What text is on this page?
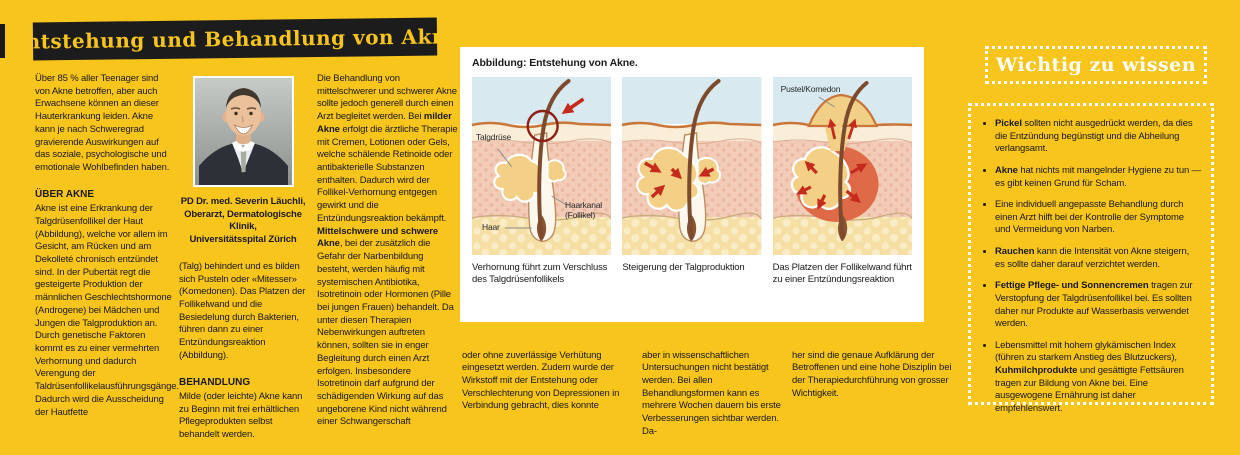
Entstehung und Behandlung von Akne

Über 85 % aller Teenager sind von Akne betroffen, aber auch Erwachsene können an dieser Hauterkrankung leiden. Akne kann je nach Schweregrad gravierende Auswirkungen auf das soziale, psychologische und emotionale Wohlbefinden haben.

ÜBER AKNE

Akne ist eine Erkrankung der Talgdrüsenfollikel der Haut (Abbildung), welche vor allem im Gesicht, am Rücken und am Dekolleté chronisch entzündet sind. In der Pubertät regt die gesteigerte Produktion der männlichen Geschlechtshormone (Androgene) bei Mädchen und Jungen die Talgproduktion an. Durch genetische Faktoren kommt es zu einer vermehrten Verhornung und dadurch Verengung der Taldrüsenfollikelausführungsgänge. Dadurch wird die Ausscheidung der Hautfette

PD Dr. med. Severin Läuchli,
Oberarzt, Dermatologische Klinik,
Universitätsspital Zürich

(Talg) behindert und es bilden sich Pusteln oder «Mitesser» (Komedonen). Das Platzen der Follikelwand und die Besiedelung durch Bakterien, führen dann zu einer Entzündungsreaktion (Abbildung).

BEHANDLUNG

Milde (oder leichte) Akne kann zu Beginn mit frei erhältlichen Pflegeprodukten selbst behandelt werden.

Die Behandlung von mittelschwerer und schwerer Akne sollte jedoch generell durch einen Arzt begleitet werden. Bei milder Akne erfolgt die ärztliche Therapie mit Cremen, Lotionen oder Gels, welche schälende Retinoide oder antibakterielle Substanzen enthalten. Dadurch wird der Follikel-Verhornung entgegen gewirkt und die Entzündungsreaktion bekämpft. Mittelschwere und schwere Akne, bei der zusätzlich die Gefahr der Narbenbildung besteht, werden häufig mit systemischen Antibiotika, Isotretinoin oder Hormonen (Pille bei jungen Frauen) behandelt. Da unter diesen Therapien Nebenwirkungen auftreten können, sollten sie in enger Begleitung durch einen Arzt erfolgen. Insbesondere Isotretinoin darf aufgrund der schädigenden Wirkung auf das ungeborene Kind nicht während einer Schwangerschaft

Abbildung: Entstehung von Akne.

Talgdrüse
Haar
Haarkanal
(Follikel)
Pustel/Komedon

Verhornung führt zum Verschluss des Talgdrüsenfollikels

Steigerung der Talgproduktion	Das Platzen der Follikelwand führt zu einer Entzündungsreaktion

oder ohne zuverlässige Verhütung eingesetzt werden. Zudem wurde der Wirkstoff mit der Entstehung oder Verschlechterung von Depressionen in Verbindung gebracht, dies konnte

aber in wissenschaftlichen Untersuchungen nicht bestätigt werden. Bei allen Behandlungsformen kann es mehrere Wochen dauern bis erste Verbesserungen sichtbar werden. Da-

her sind die genaue Aufklärung der Betroffenen und eine hohe Disziplin bei der Therapiedurchführung von grosser Wichtigkeit.

Wichtig zu wissen
• Pickel sollten nicht ausgedrückt werden, da dies die Entzündung begünstigt und die Abheilung verlangsamt.
• Akne hat nichts mit mangelnder Hygiene zu tun — es gibt keinen Grund für Scham.
• Eine individuell angepasste Behandlung durch einen Arzt hilft bei der Kontrolle der Symptome und Vermeidung von Narben.
• Rauchen kann die Intensität von Akne steigern, es sollte daher darauf verzichtet werden.
• Fettige Pflege- und Sonnencremen tragen zur Verstopfung der Talgdrüsenfollikel bei. Es sollten daher nur Produkte auf Wasserbasis verwendet werden.
• Lebensmittel mit hohem glykämischen Index (führen zu starkem Anstieg des Blutzuckers), Kuhmilchprodukte und gesättigte Fettsäuren tragen zur Bildung von Akne bei. Eine ausgewogene Ernährung ist daher empfehlenswert.
